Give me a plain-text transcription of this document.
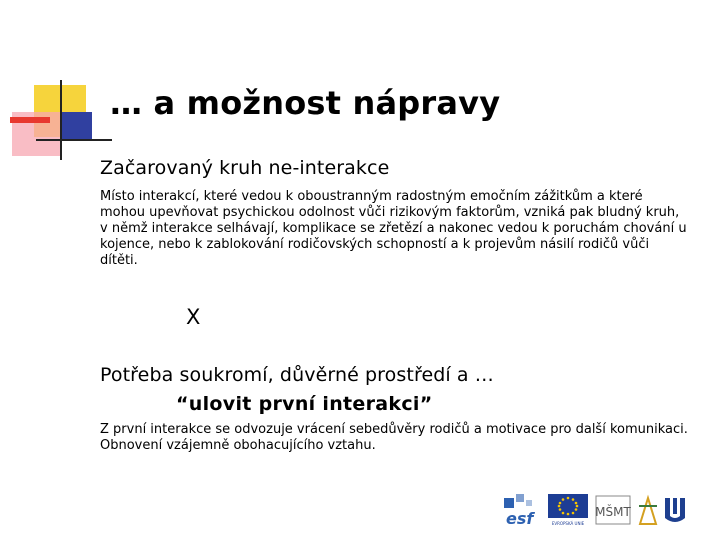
… a možnost nápravy
Začarovaný kruh ne-interakce
Místo interakcí, které vedou k oboustranným radostným emočním zážitkům a které mohou upevňovat psychickou odolnost vůči rizikovým faktorům, vzniká pak bludný kruh, v němž interakce selhávají, komplikace se zřetězí a nakonec vedou k poruchám chování u kojence, nebo k zablokování rodičovských schopností a k projevům násilí rodičů vůči dítěti.
X
Potřeba soukromí, důvěrné prostředí a …
“ulovit první interakci”
Z první interakce se odvozuje vrácení sebedůvěry rodičů a motivace pro další komunikaci. Obnovení vzájemně obohacujícího vztahu.
esf	EVROPSKÁ UNIE
MŠMT
